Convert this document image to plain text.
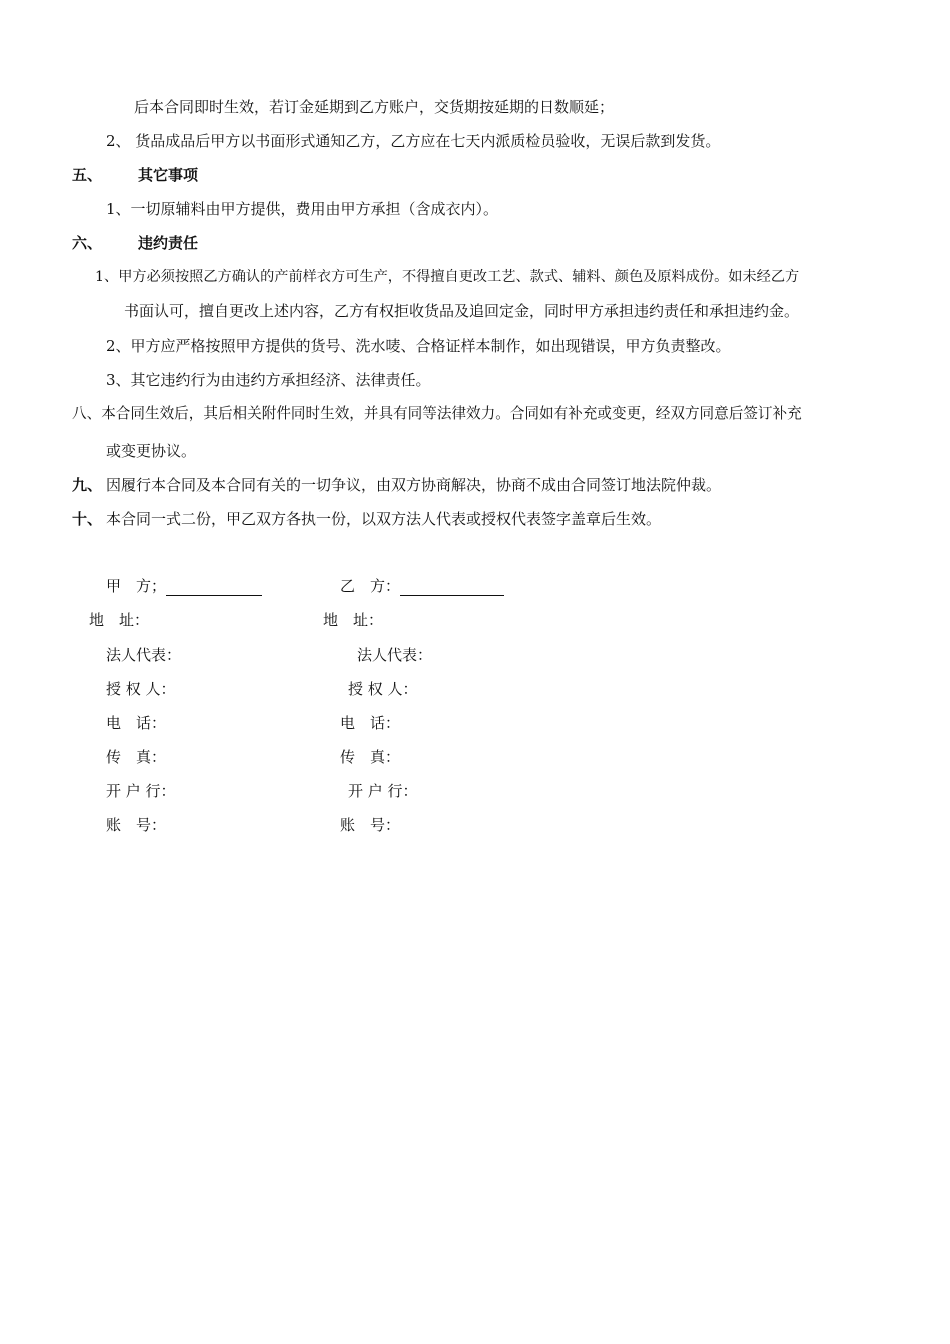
后本合同即时生效，若订金延期到乙方账户，交货期按延期的日数顺延；
2、 货品成品后甲方以书面形式通知乙方，乙方应在七天内派质检员验收，无误后款到发货。
五、 其它事项
1、一切原辅料由甲方提供，费用由甲方承担（含成衣内）。
六、 违约责任
1、甲方必须按照乙方确认的产前样衣方可生产，不得擅自更改工艺、款式、辅料、颜色及原料成份。如未经乙方
书面认可，擅自更改上述内容，乙方有权拒收货品及追回定金，同时甲方承担违约责任和承担违约金。
2、甲方应严格按照甲方提供的货号、洗水唛、合格证样本制作，如出现错误，甲方负责整改。
3、其它违约行为由违约方承担经济、法律责任。
八、本合同生效后，其后相关附件同时生效，并具有同等法律效力。合同如有补充或变更，经双方同意后签订补充
或变更协议。
九、 因履行本合同及本合同有关的一切争议，由双方协商解决，协商不成由合同签订地法院仲裁。
十、 本合同一式二份，甲乙双方各执一份，以双方法人代表或授权代表签字盖章后生效。
甲　方；
地　址：
法人代表：
授 权 人：
电　话：
传　真：
开 户 行：
账　号：
乙　方：
地　址：
法人代表：
授 权 人：
电　话：
传　真：
开 户 行：
账　号：
